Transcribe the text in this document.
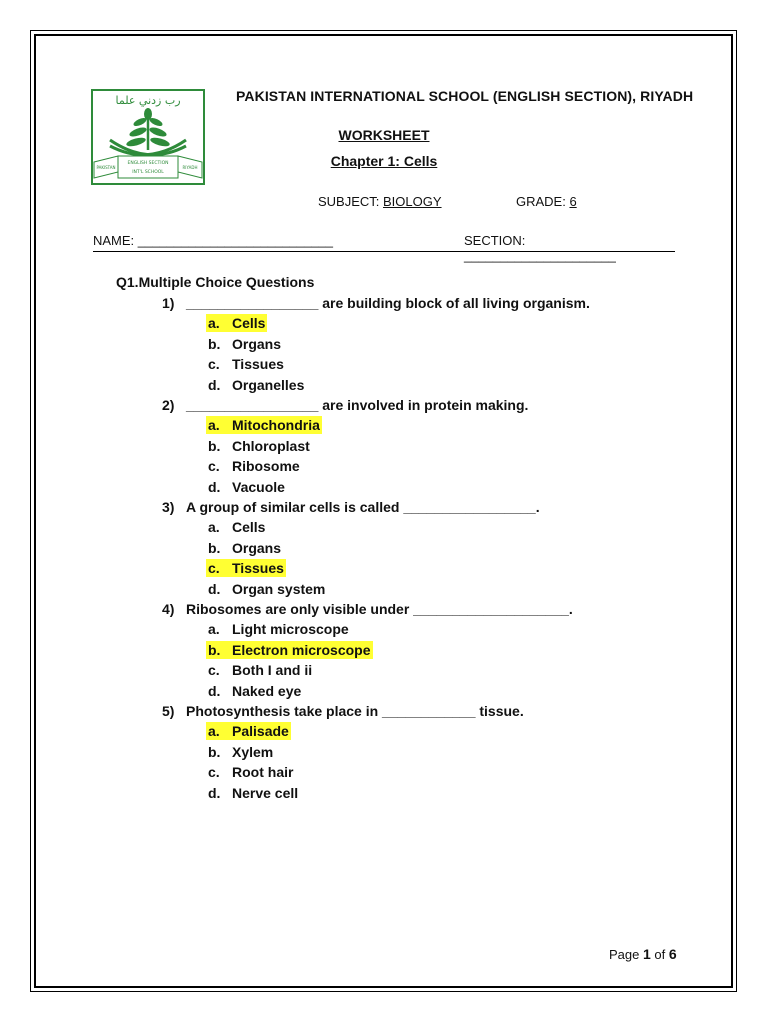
رب زدني علما
PAKISTAN
ENGLISH SECTION
INT'L SCHOOL
RIYADH
PAKISTAN INTERNATIONAL SCHOOL (ENGLISH SECTION), RIYADH
WORKSHEET
Chapter 1: Cells
SUBJECT: BIOLOGY	GRADE: 6
NAME: ___________________________	SECTION: _____________________
Q1.Multiple Choice Questions
1) _________________ are building block of all living organism.
a. Cells
b. Organs
c. Tissues
d. Organelles
2) _________________ are involved in protein making.
a. Mitochondria
b. Chloroplast
c. Ribosome
d. Vacuole
3) A group of similar cells is called _________________.
a. Cells
b. Organs
c. Tissues
d. Organ system
4) Ribosomes are only visible under ____________________.
a. Light microscope
b. Electron microscope
c. Both I and ii
d. Naked eye
5) Photosynthesis take place in ____________ tissue.
a. Palisade
b. Xylem
c. Root hair
d. Nerve cell
Page 1 of 6
